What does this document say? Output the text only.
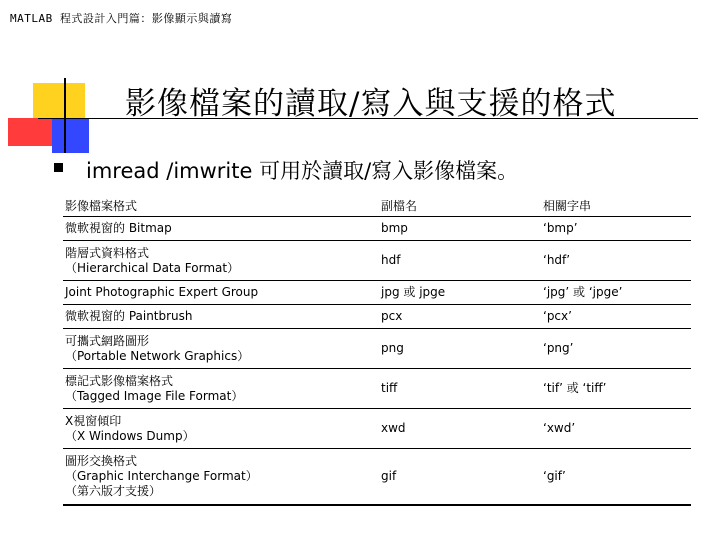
MATLAB 程式設計入門篇：影像顯示與讀寫
影像檔案的讀取/寫入與支援的格式
imread /imwrite 可用於讀取/寫入影像檔案。
影像檔案格式	副檔名	相關字串
微軟視窗的 Bitmap	bmp	‘bmp’
階層式資料格式
（Hierarchical Data Format）	hdf	‘hdf’
Joint Photographic Expert Group	jpg 或 jpge	‘jpg’ 或 ‘jpge’
微軟視窗的 Paintbrush	pcx	‘pcx’
可攜式網路圖形
（Portable Network Graphics）	png	‘png’
標記式影像檔案格式
（Tagged Image File Format）	tiff	‘tif’ 或 ‘tiff’
X視窗傾印
（X Windows Dump）	xwd	‘xwd’
圖形交換格式
（Graphic Interchange Format）
（第六版才支援）	gif	‘gif’
